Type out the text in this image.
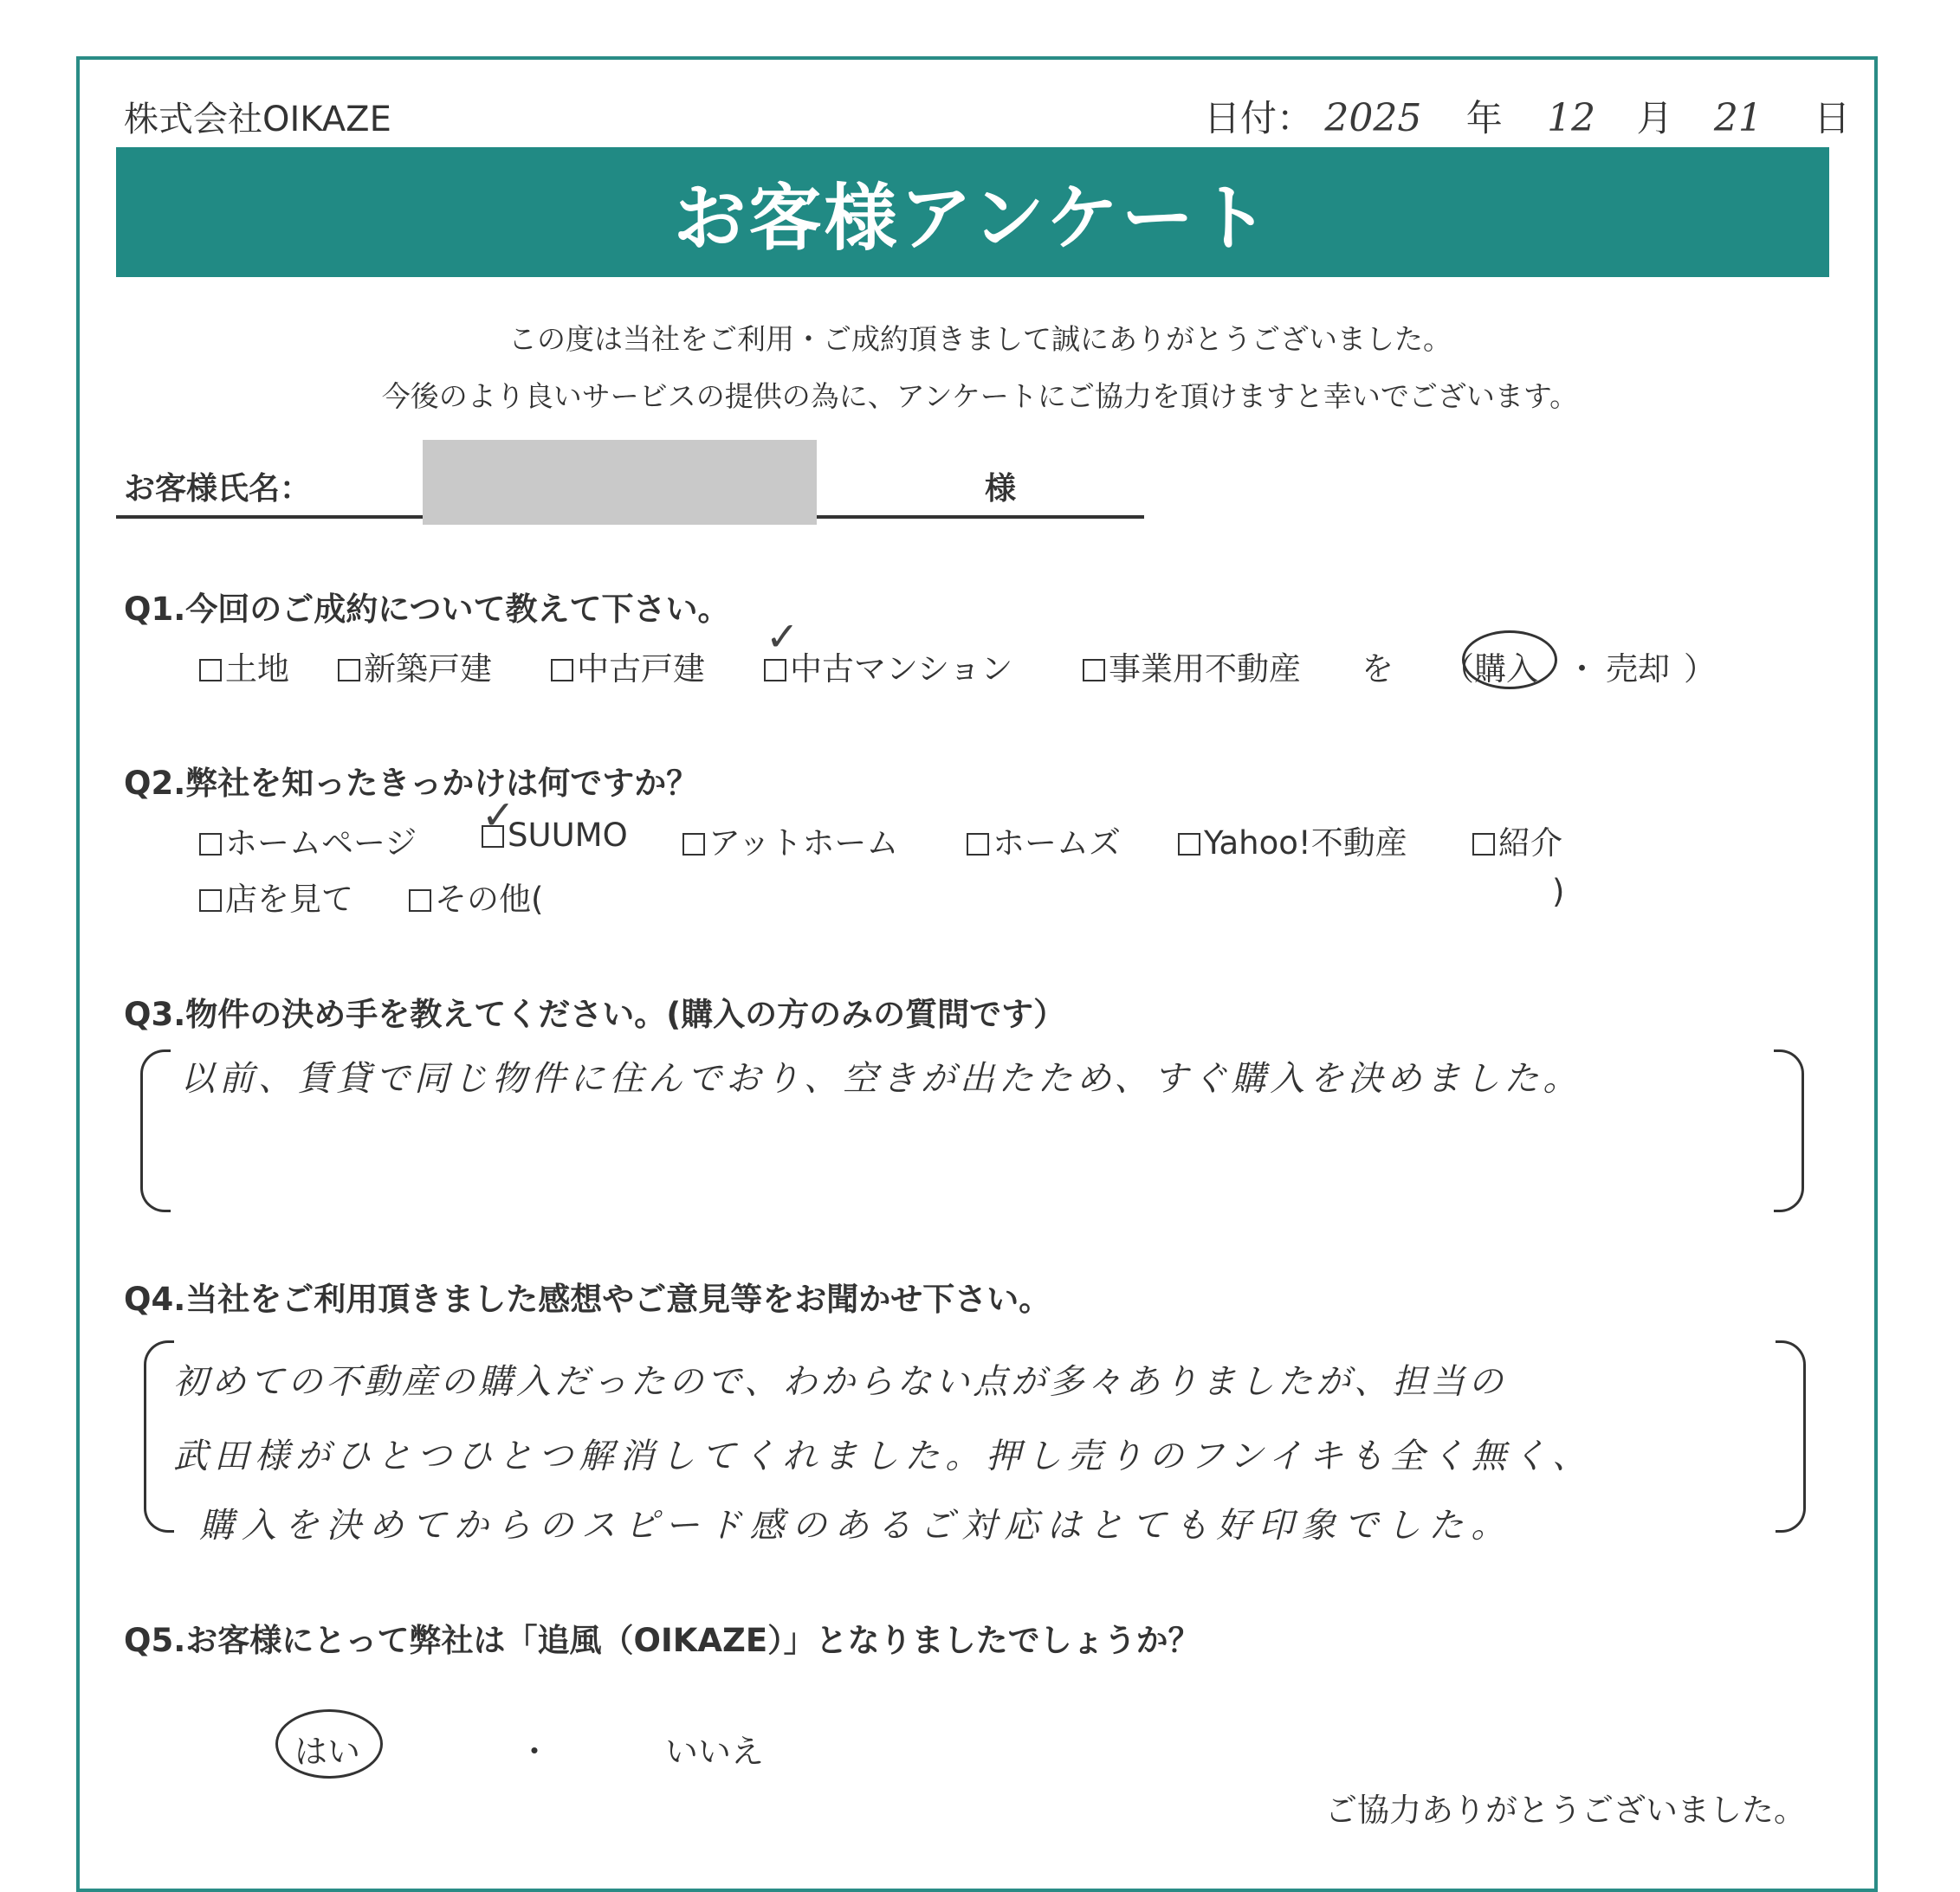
株式会社OIKAZE	日付： 2025 年 12 月 21 日
お客様アンケート
この度は当社をご利用・ご成約頂きまして誠にありがとうございました。
今後のより良いサービスの提供の為に、アンケートにご協力を頂けますと幸いでございます。
お客様氏名：	様
Q1.今回のご成約について教えて下さい。
土地	新築戸建	中古戸建	中古マンション
✓
事業用不動産 を （ 購入 ・ 売却 ）
Q2.弊社を知ったきっかけは何ですか？
ホームページ	SUUMO
✓
アットホーム	ホームズ	Yahoo!不動産	紹介
店を見て	その他(	)
Q3.物件の決め手を教えてください。(購入の方のみの質問です）
以前、賃貸で同じ物件に住んでおり、空きが出たため、すぐ購入を決めました。
Q4.当社をご利用頂きました感想やご意見等をお聞かせ下さい。
初めての不動産の購入だったので、わからない点が多々ありましたが、担当の
武田様がひとつひとつ解消してくれました。押し売りのフンイキも全く無く、
購入を決めてからのスピード感のあるご対応はとても好印象でした。
Q5.お客様にとって弊社は「追風（OIKAZE）」となりましたでしょうか？
はい	・	いいえ
ご協力ありがとうございました。
